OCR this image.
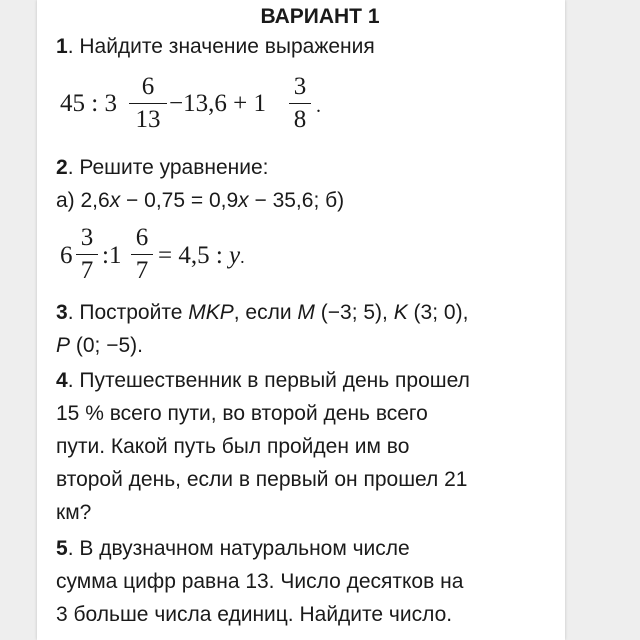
ВАРИАНТ 1
1. Найдите значение выражения
45 : 3
6
13
−13,6 + 1
3
8 .
2. Решите уравнение:
а) 2,6x − 0,75 = 0,9x − 35,6; б)
6
3
7
:1
6
7
= 4,5 : y.
3. Постройте MKP, если M (−3; 5), K (3; 0),
P (0; −5).
4. Путешественник в первый день прошел
15 % всего пути, во второй день всего
пути. Какой путь был пройден им во
второй день, если в первый он прошел 21
км?
5. В двузначном натуральном числе
сумма цифр равна 13. Число десятков на
3 больше числа единиц. Найдите число.
